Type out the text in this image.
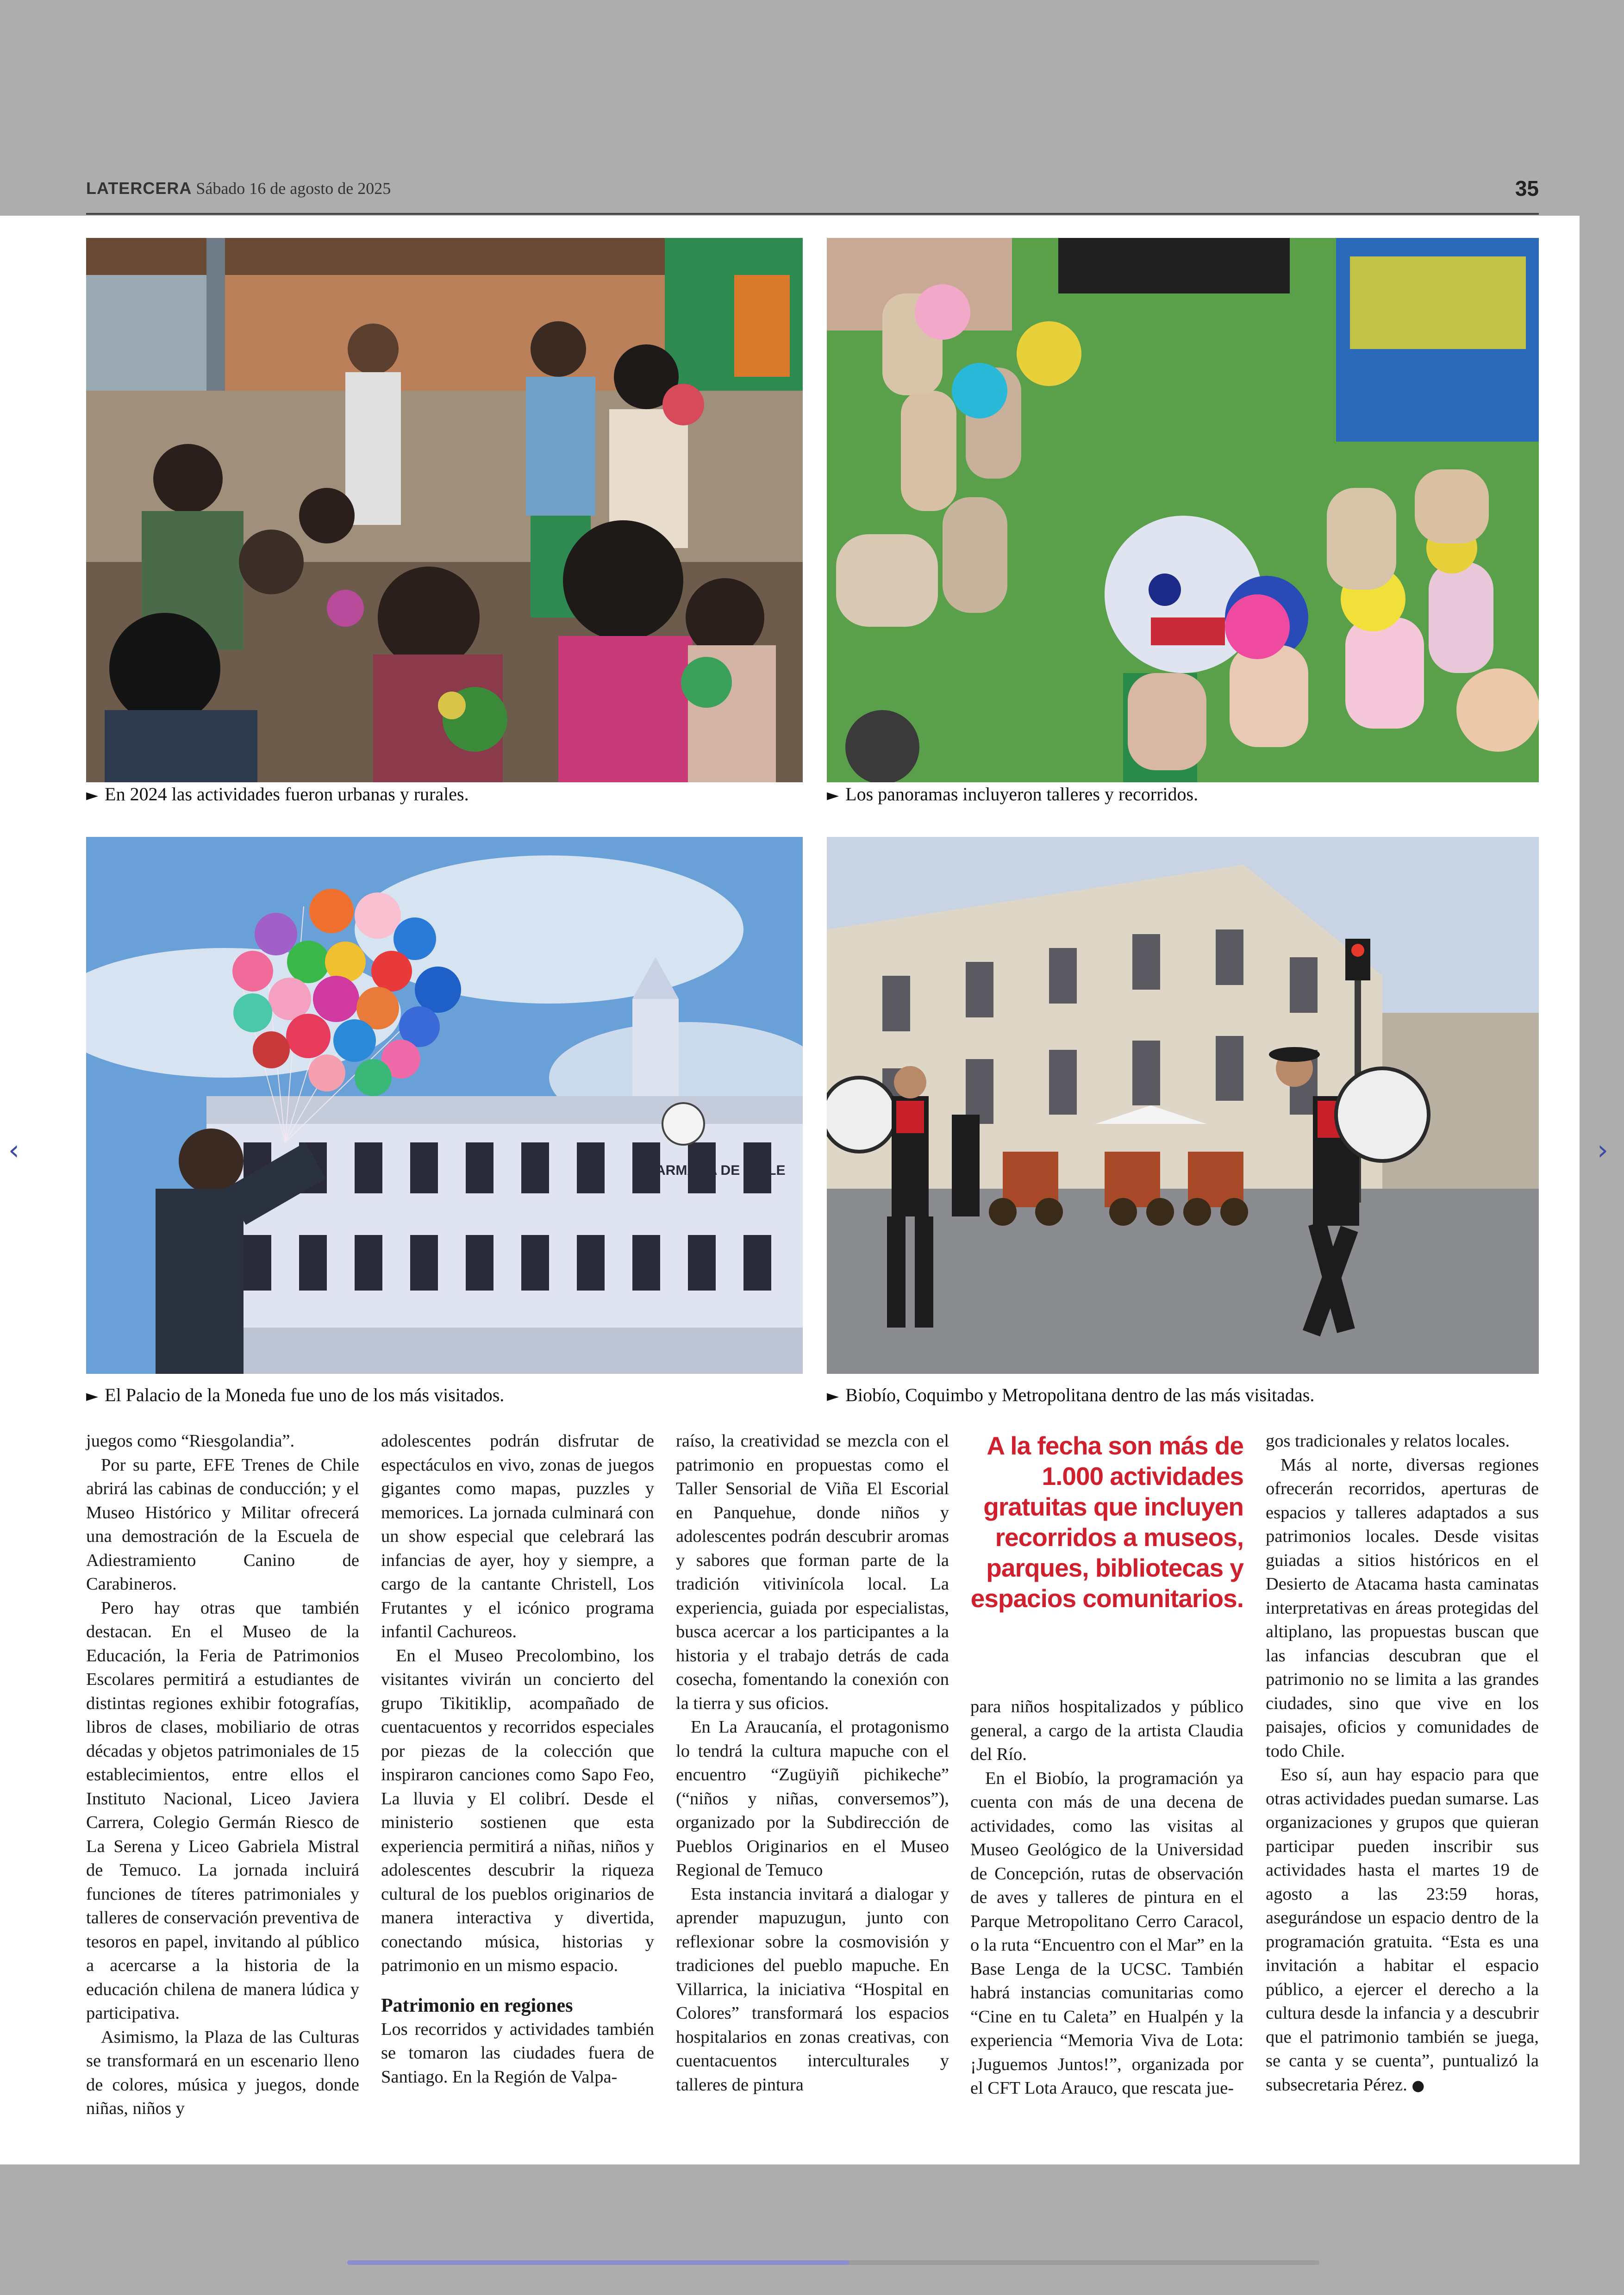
LATERCERA Sábado 16 de agosto de 2025	35
► En 2024 las actividades fueron urbanas y rurales.	► Los panoramas incluyeron talleres y recorridos.
ARMADA DE CHILE
► El Palacio de la Moneda fue uno de los más visitados.	► Biobío, Coquimbo y Metropolitana dentro de las más visitadas.

juegos como “Riesgolandia”.

Por su parte, EFE Trenes de Chile abrirá las cabinas de conducción; y el Museo Histórico y Militar ofrecerá una demostración de la Escuela de Adiestramiento Canino de Carabineros.

Pero hay otras que también destacan. En el Museo de la Educación, la Feria de Patrimonios Escolares permitirá a estudiantes de distintas regiones exhibir fotografías, libros de clases, mobiliario de otras décadas y objetos patrimoniales de 15 establecimientos, entre ellos el Instituto Nacional, Liceo Javiera Carrera, Colegio Germán Riesco de La Serena y Liceo Gabriela Mistral de Temuco. La jornada incluirá funciones de títeres patrimoniales y talleres de conservación preventiva de tesoros en papel, invitando al público a acercarse a la historia de la educación chilena de manera lúdica y participativa.

Asimismo, la Plaza de las Culturas se transformará en un escenario lleno de colores, música y juegos, donde niñas, niños y

adolescentes podrán disfrutar de espectáculos en vivo, zonas de juegos gigantes como mapas, puzzles y memorices. La jornada culminará con un show especial que celebrará las infancias de ayer, hoy y siempre, a cargo de la cantante Christell, Los Frutantes y el icónico programa infantil Cachureos.

En el Museo Precolombino, los visitantes vivirán un concierto del grupo Tikitiklip, acompañado de cuentacuentos y recorridos especiales por piezas de la colección que inspiraron canciones como Sapo Feo, La lluvia y El colibrí. Desde el ministerio sostienen que esta experiencia permitirá a niñas, niños y adolescentes descubrir la riqueza cultural de los pueblos originarios de manera interactiva y divertida, conectando música, historias y patrimonio en un mismo espacio.

Patrimonio en regiones

Los recorridos y actividades también se tomaron las ciudades fuera de Santiago. En la Región de Valpa-

raíso, la creatividad se mezcla con el patrimonio en propuestas como el Taller Sensorial de Viña El Escorial en Panquehue, donde niños y adolescentes podrán descubrir aromas y sabores que forman parte de la tradición vitivinícola local. La experiencia, guiada por especialistas, busca acercar a los participantes a la historia y el trabajo detrás de cada cosecha, fomentando la conexión con la tierra y sus oficios.

En La Araucanía, el protagonismo lo tendrá la cultura mapuche con el encuentro “Zugüyiñ pichikeche” (“niños y niñas, conversemos”), organizado por la Subdirección de Pueblos Originarios en el Museo Regional de Temuco

Esta instancia invitará a dialogar y aprender mapuzugun, junto con reflexionar sobre la cosmovisión y tradiciones del pueblo mapuche. En Villarrica, la iniciativa “Hospital en Colores” transformará los espacios hospitalarios en zonas creativas, con cuentacuentos interculturales y talleres de pintura

A la fecha son más de 1.000 actividades gratuitas que incluyen recorridos a museos, parques, bibliotecas y espacios comunitarios.

para niños hospitalizados y público general, a cargo de la artista Claudia del Río.

En el Biobío, la programación ya cuenta con más de una decena de actividades, como las visitas al Museo Geológico de la Universidad de Concepción, rutas de observación de aves y talleres de pintura en el Parque Metropolitano Cerro Caracol, o la ruta “Encuentro con el Mar” en la Base Lenga de la UCSC. También habrá instancias comunitarias como “Cine en tu Caleta” en Hualpén y la experiencia “Memoria Viva de Lota: ¡Juguemos Juntos!”, organizada por el CFT Lota Arauco, que rescata jue-

gos tradicionales y relatos locales.

Más al norte, diversas regiones ofrecerán recorridos, aperturas de espacios y talleres adaptados a sus patrimonios locales. Desde visitas guiadas a sitios históricos en el Desierto de Atacama hasta caminatas interpretativas en áreas protegidas del altiplano, las propuestas buscan que las infancias descubran que el patrimonio no se limita a las grandes ciudades, sino que vive en los paisajes, oficios y comunidades de todo Chile.

Eso sí, aun hay espacio para que otras actividades puedan sumarse. Las organizaciones y grupos que quieran participar pueden inscribir sus actividades hasta el martes 19 de agosto a las 23:59 horas, asegurándose un espacio dentro de la programación gratuita. “Esta es una invitación a habitar el espacio público, a ejercer el derecho a la cultura desde la infancia y a descubrir que el patrimonio también se juega, se canta y se cuenta”, puntualizó la subsecretaria Pérez. ●

‹	›
